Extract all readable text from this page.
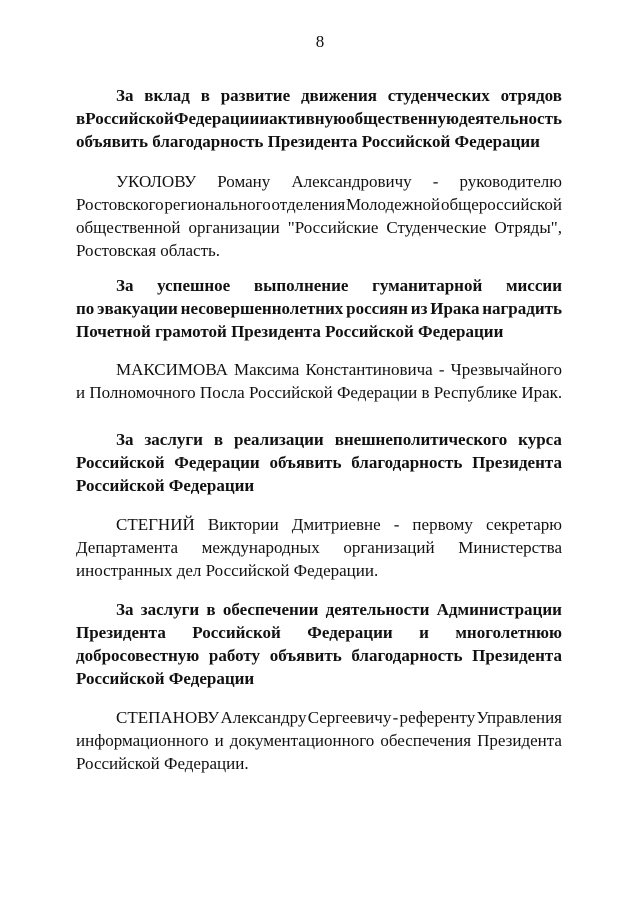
8
За вклад в развитие движения студенческих отрядов
в Российской Федерации и активную общественную деятельность
объявить благодарность Президента Российской Федерации
УКОЛОВУ Роману Александровичу - руководителю
Ростовского регионального отделения Молодежной общероссийской
общественной организации "Российские Студенческие Отряды",
Ростовская область.
За успешное выполнение гуманитарной миссии
по эвакуации несовершеннолетних россиян из Ирака наградить
Почетной грамотой Президента Российской Федерации
МАКСИМОВА Максима Константиновича - Чрезвычайного
и Полномочного Посла Российской Федерации в Республике Ирак.
За заслуги в реализации внешнеполитического курса
Российской Федерации объявить благодарность Президента
Российской Федерации
СТЕГНИЙ Виктории Дмитриевне - первому секретарю
Департамента международных организаций Министерства
иностранных дел Российской Федерации.
За заслуги в обеспечении деятельности Администрации
Президента Российской Федерации и многолетнюю
добросовестную работу объявить благодарность Президента
Российской Федерации
СТЕПАНОВУ Александру Сергеевичу - референту Управления
информационного и документационного обеспечения Президента
Российской Федерации.
